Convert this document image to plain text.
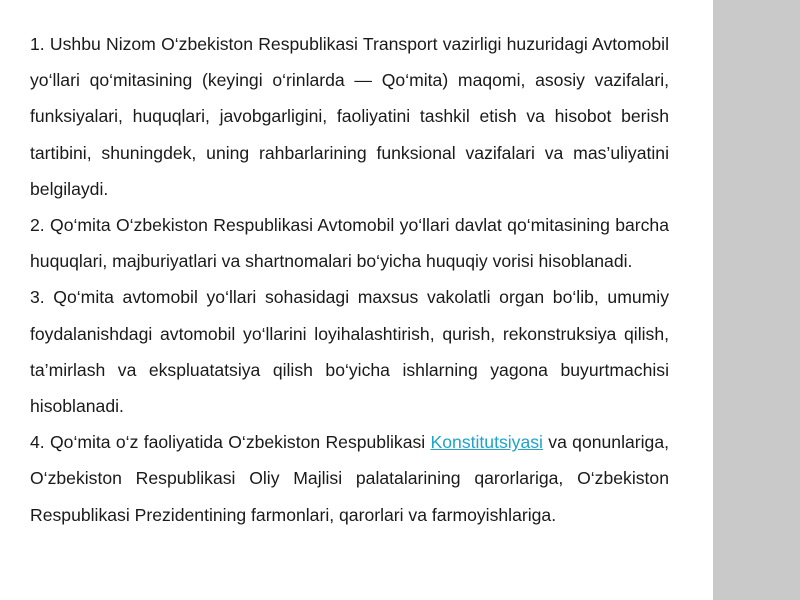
1. Ushbu Nizom O‘zbekiston Respublikasi Transport vazirligi huzuridagi Avtomobil yo‘llari qo‘mitasining (keyingi o‘rinlarda — Qo‘mita) maqomi, asosiy vazifalari, funksiyalari, huquqlari, javobgarligini, faoliyatini tashkil etish va hisobot berish tartibini, shuningdek, uning rahbarlarining funksional vazifalari va mas’uliyatini belgilaydi.

2. Qo‘mita O‘zbekiston Respublikasi Avtomobil yo‘llari davlat qo‘mitasining barcha huquqlari, majburiyatlari va shartnomalari bo‘yicha huquqiy vorisi hisoblanadi.

3. Qo‘mita avtomobil yo‘llari sohasidagi maxsus vakolatli organ bo‘lib, umumiy foydalanishdagi avtomobil yo‘llarini loyihalashtirish, qurish, rekonstruksiya qilish, ta’mirlash va ekspluatatsiya qilish bo‘yicha ishlarning yagona buyurtmachisi hisoblanadi.

4. Qo‘mita o‘z faoliyatida O‘zbekiston Respublikasi Konstitutsiyasi va qonunlariga, O‘zbekiston Respublikasi Oliy Majlisi palatalarining qarorlariga, O‘zbekiston Respublikasi Prezidentining farmonlari, qarorlari va farmoyishlariga.
